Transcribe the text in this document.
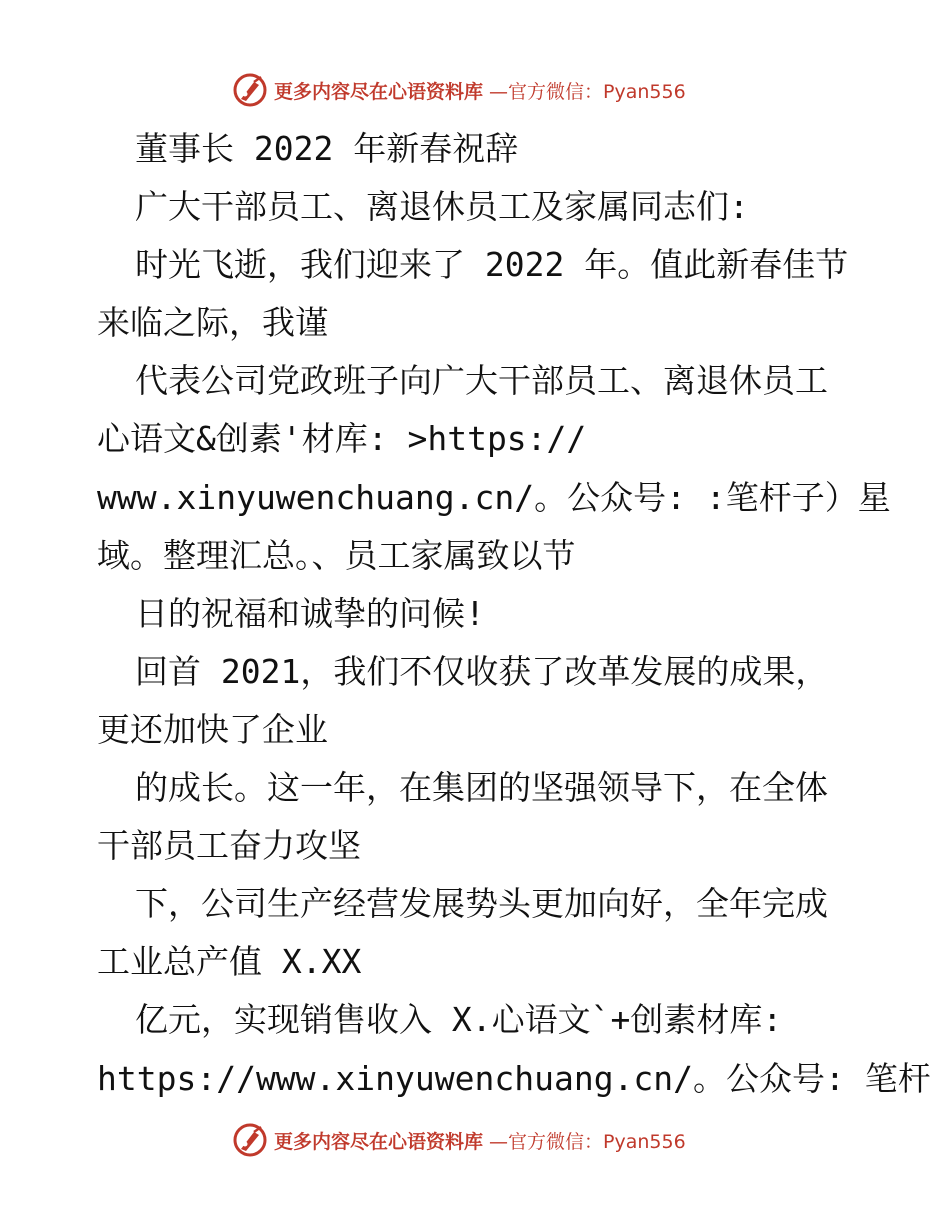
更多内容尽在心语资料库 —官方微信：Pyan556
董事长 2022 年新春祝辞
广大干部员工、离退休员工及家属同志们:
时光飞逝，我们迎来了 2022 年。值此新春佳节
来临之际，我谨
代表公司党政班子向广大干部员工、离退休员工
心语文&创素'材库: >https://
www.xinyuwenchuang.cn/。公众号: :笔杆子）星
域。整理汇总。、员工家属致以节
日的祝福和诚挚的问候!
回首 2021，我们不仅收获了改革发展的成果，
更还加快了企业
的成长。这一年，在集团的坚强领导下，在全体
干部员工奋力攻坚
下，公司生产经营发展势头更加向好，全年完成
工业总产值 X.XX
亿元，实现销售收入 X.心语文`+创素材库:
https://www.xinyuwenchuang.cn/。公众号: 笔杆
更多内容尽在心语资料库 —官方微信：Pyan556
